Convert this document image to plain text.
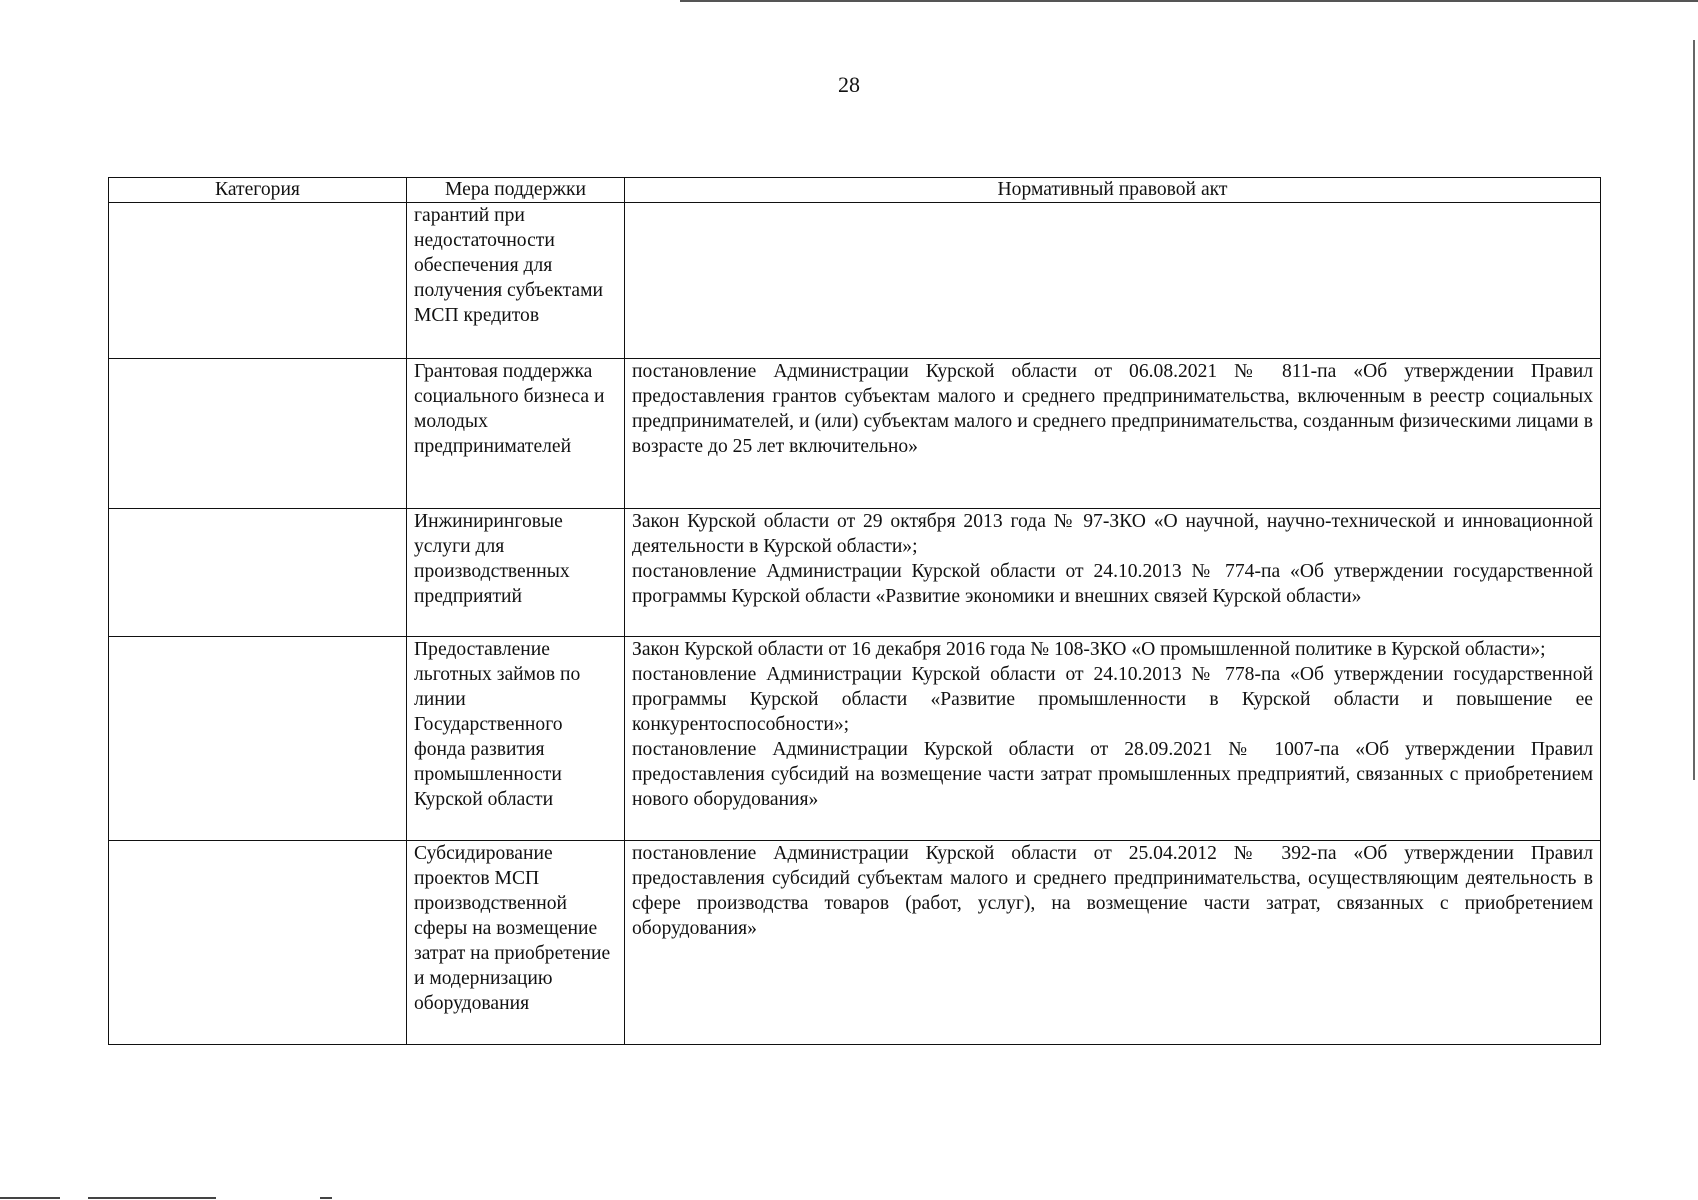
28
Категория	Мера поддержки	Нормативный правовой акт
	гарантий при недостаточности обеспечения для получения субъектами МСП кредитов	
	Грантовая поддержка социального бизнеса и молодых предпринимателей	постановление Администрации Курской области от 06.08.2021 № 811-па «Об утверждении Правил предоставления грантов субъектам малого и среднего предпринимательства, включенным в реестр социальных предпринимателей, и (или) субъектам малого и среднего предпринимательства, созданным физическими лицами в возрасте до 25 лет включительно»

	Инжиниринговые услуги для производственных предприятий	Закон Курской области от 29 октября 2013 года № 97-ЗКО «О научной, научно-технической и инновационной деятельности в Курской области»;
постановление Администрации Курской области от 24.10.2013 № 774-па «Об утверждении государственной программы Курской области «Развитие экономики и внешних связей Курской области»

	Предоставление льготных займов по линии Государственного фонда развития промышленности Курской области	Закон Курской области от 16 декабря 2016 года № 108-ЗКО «О промышленной политике в Курской области»;
постановление Администрации Курской области от 24.10.2013 № 778-па «Об утверждении государственной программы Курской области «Развитие промышленности в Курской области и повышение ее конкурентоспособности»;
постановление Администрации Курской области от 28.09.2021 № 1007-па «Об утверждении Правил предоставления субсидий на возмещение части затрат промышленных предприятий, связанных с приобретением нового оборудования»

	Субсидирование проектов МСП производственной сферы на возмещение затрат на приобретение и модернизацию оборудования	постановление Администрации Курской области от 25.04.2012 № 392-па «Об утверждении Правил предоставления субсидий субъектам малого и среднего предпринимательства, осуществляющим деятельность в сфере производства товаров (работ, услуг), на возмещение части затрат, связанных с приобретением оборудования»
